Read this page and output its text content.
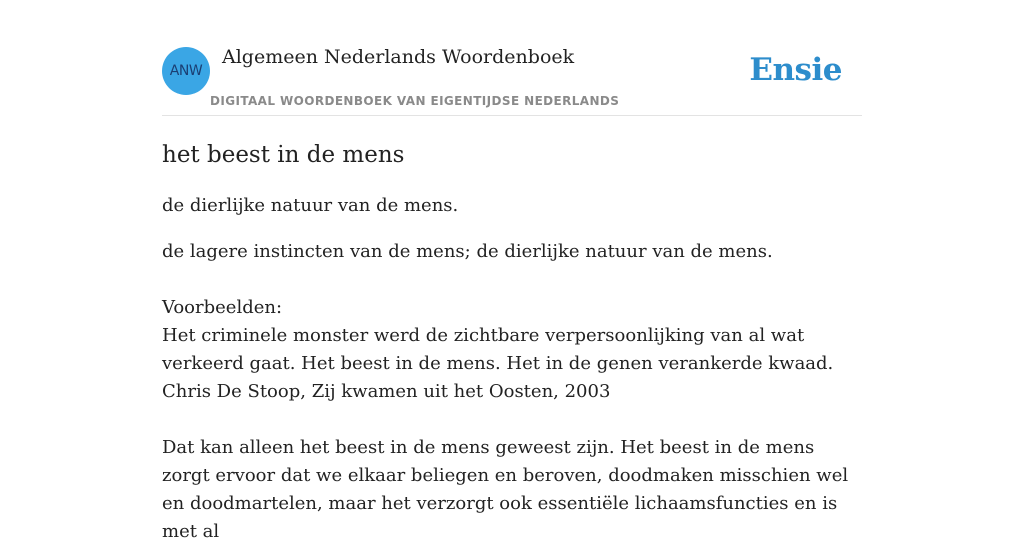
ANW
Algemeen Nederlands Woordenboek
DIGITAAL WOORDENBOEK VAN EIGENTIJDSE NEDERLANDS
Ensie
het beest in de mens

de dierlijke natuur van de mens.

de lagere instincten van de mens; de dierlijke natuur van de mens.

Voorbeelden:

Het criminele monster werd de zichtbare verpersoonlijking van al wat verkeerd gaat. Het beest in de mens. Het in de genen verankerde kwaad.

Chris De Stoop, Zij kwamen uit het Oosten, 2003

Dat kan alleen het beest in de mens geweest zijn. Het beest in de mens zorgt ervoor dat we elkaar beliegen en beroven, doodmaken misschien wel en doodmartelen, maar het verzorgt ook essentiële lichaamsfuncties en is met al
